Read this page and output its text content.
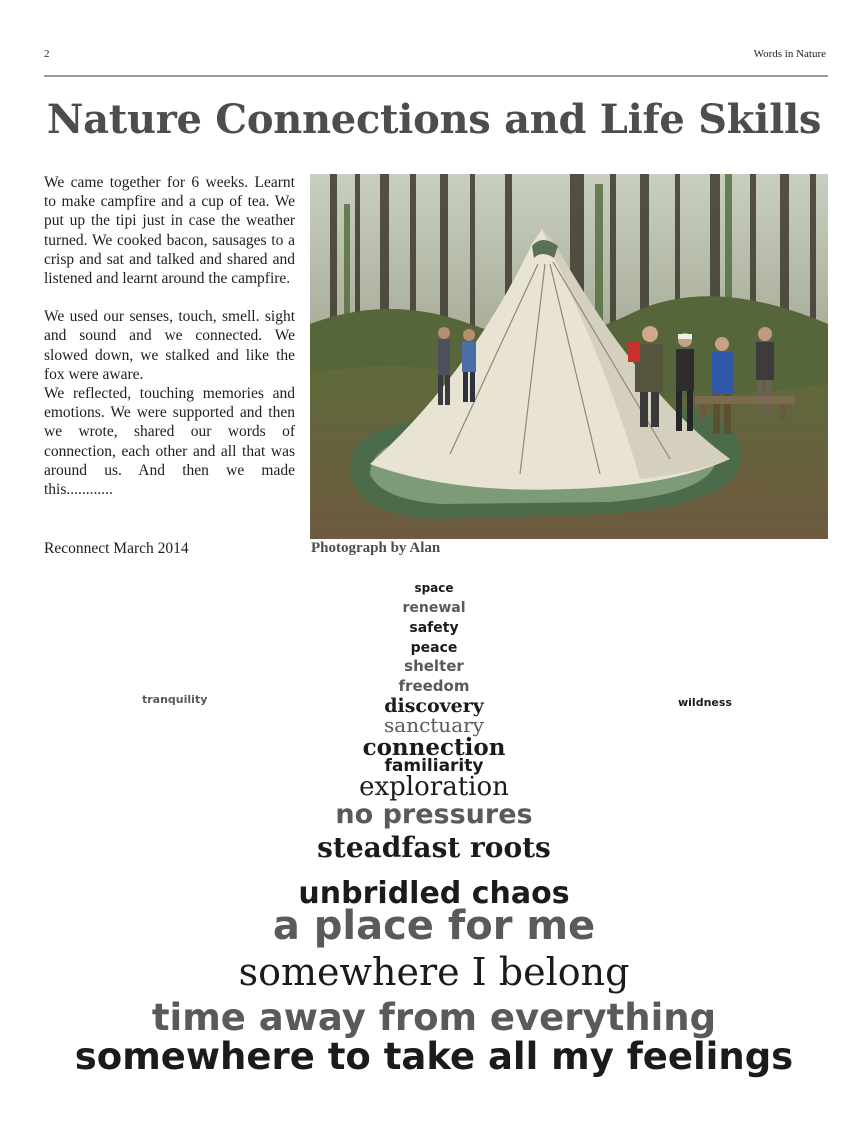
2	Words in Nature
Nature Connections and Life Skills

We came together for 6 weeks. Learnt to make campfire and a cup of tea. We put up the tipi just in case the weather turned. We cooked bacon, sausages to a crisp and sat and talked and shared and listened and learnt around the campfire.

We used our senses, touch, smell. sight and sound and we connected. We slowed down, we stalked and like the fox were aware.

We reflected, touching memories and emotions. We were supported and then we wrote, shared our words of connection, each other and all that was around us. And then we made this............

Reconnect March 2014	Photograph by Alan
space
renewal
safety
peace
shelter
freedom
discovery
sanctuary
connection
familiarity
exploration
no pressures
steadfast roots
unbridled chaos
a place for me
somewhere I belong
time away from everything
somewhere to take all my feelings
tranquility	wildness
